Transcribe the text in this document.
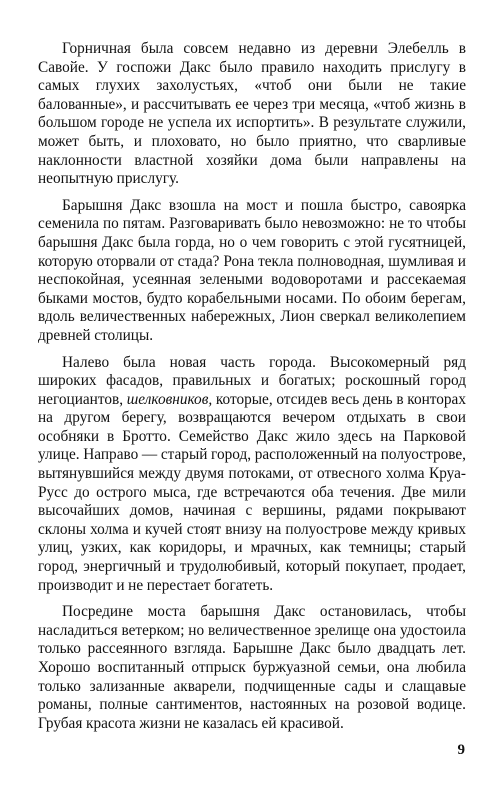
Горничная была совсем недавно из деревни Элебелль в Савойе. У госпожи Дакс было правило находить прислугу в самых глухих захолустьях, «чтоб они были не такие балованные», и рассчитывать ее через три месяца, «чтоб жизнь в большом городе не успела их испортить». В результате служили, может быть, и плоховато, но было приятно, что сварливые наклонности властной хозяйки дома были направлены на неопытную прислугу.

Барышня Дакс взошла на мост и пошла быстро, савоярка семенила по пятам. Разговаривать было невозможно: не то чтобы барышня Дакс была горда, но о чем говорить с этой гусятницей, которую оторвали от стада? Рона текла полноводная, шумливая и неспокойная, усеянная зелеными водоворотами и рассекаемая быками мостов, будто корабельными носами. По обоим берегам, вдоль величественных набережных, Лион сверкал великолепием древней столицы.

Налево была новая часть города. Высокомерный ряд широких фасадов, правильных и богатых; роскошный город негоциантов, шелковников, которые, отсидев весь день в конторах на другом берегу, возвращаются вечером отдыхать в свои особняки в Бротто. Семейство Дакс жило здесь на Парковой улице. Направо — старый город, расположенный на полуострове, вытянувшийся между двумя потоками, от отвесного холма Круа-Русс до острого мыса, где встречаются оба течения. Две мили высочайших домов, начиная с вершины, рядами покрывают склоны холма и кучей стоят внизу на полуострове между кривых улиц, узких, как коридоры, и мрачных, как темницы; старый город, энергичный и трудолюбивый, который покупает, продает, производит и не перестает богатеть.

Посредине моста барышня Дакс остановилась, чтобы насладиться ветерком; но величественное зрелище она удостоила только рассеянного взгляда. Барышне Дакс было двадцать лет. Хорошо воспитанный отпрыск буржуазной семьи, она любила только зализанные акварели, подчищенные сады и слащавые романы, полные сантиментов, настоянных на розовой водице. Грубая красота жизни не казалась ей красивой.

9
